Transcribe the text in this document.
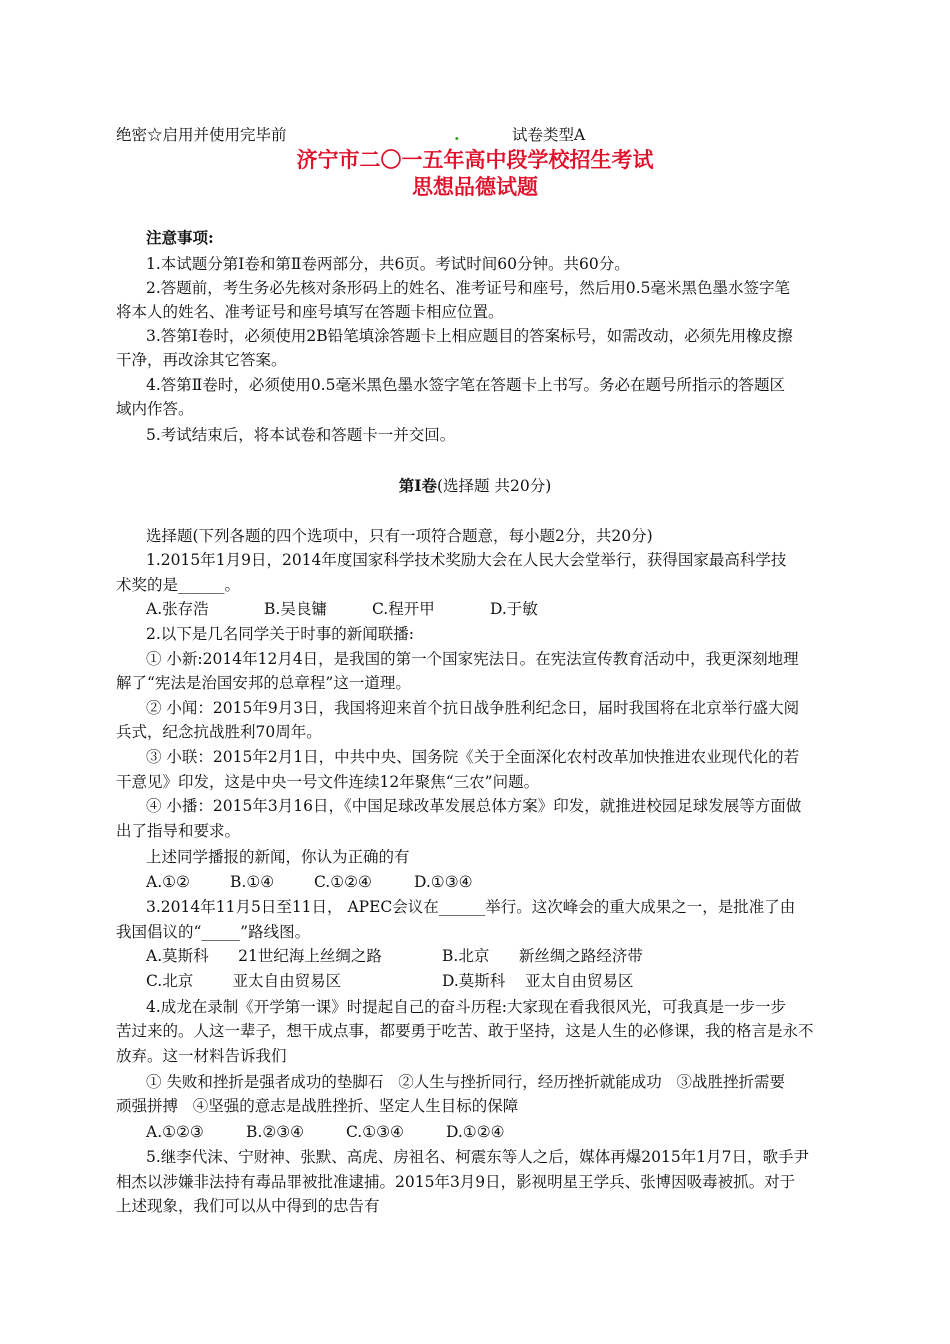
绝密☆启用并使用完毕前	.	试卷类型A
济宁市二〇一五年高中段学校招生考试
思想品德试题
注意事项:
1.本试题分第Ⅰ卷和第Ⅱ卷两部分，共6页。考试时间60分钟。共60分。
2.答题前，考生务必先核对条形码上的姓名、准考证号和座号，然后用0.5毫米黑色墨水签字笔
将本人的姓名、准考证号和座号填写在答题卡相应位置。
3.答第Ⅰ卷时，必须使用2B铅笔填涂答题卡上相应题目的答案标号，如需改动，必须先用橡皮擦
干净，再改涂其它答案。
4.答第Ⅱ卷时，必须使用0.5毫米黑色墨水签字笔在答题卡上书写。务必在题号所指示的答题区
域内作答。
5.考试结束后，将本试卷和答题卡一并交回。
第Ⅰ卷(选择题 共20分)
选择题(下列各题的四个选项中，只有一项符合题意，每小题2分，共20分)
1.2015年1月9日，2014年度国家科学技术奖励大会在人民大会堂举行，获得国家最高科学技
术奖的是______。
A.张存浩	B.吴良镛	C.程开甲	D.于敏
2.以下是几名同学关于时事的新闻联播:
① 小新:2014年12月4日，是我国的第一个国家宪法日。在宪法宣传教育活动中，我更深刻地理
解了“宪法是治国安邦的总章程”这一道理。
② 小闻：2015年9月3日，我国将迎来首个抗日战争胜利纪念日，届时我国将在北京举行盛大阅
兵式，纪念抗战胜利70周年。
③ 小联：2015年2月1日，中共中央、国务院《关于全面深化农村改革加快推进农业现代化的若
干意见》印发，这是中央一号文件连续12年聚焦“三农”问题。
④ 小播：2015年3月16日，《中国足球改革发展总体方案》印发，就推进校园足球发展等方面做
出了指导和要求。
上述同学播报的新闻，你认为正确的有
A.①②	B.①④	C.①②④	D.①③④
3.2014年11月5日至11日， APEC会议在______举行。这次峰会的重大成果之一，是批准了由
我国倡议的“_____”路线图。
A.莫斯科      21世纪海上丝绸之路	B.北京      新丝绸之路经济带
C.北京        亚太自由贸易区	D.莫斯科    亚太自由贸易区
4.成龙在录制《开学第一课》时提起自己的奋斗历程:大家现在看我很风光，可我真是一步一步
苦过来的。人这一辈子，想干成点事，都要勇于吃苦、敢于坚持，这是人生的必修课，我的格言是永不
放弃。这一材料告诉我们
① 失败和挫折是强者成功的垫脚石   ②人生与挫折同行，经历挫折就能成功   ③战胜挫折需要
顽强拼搏   ④坚强的意志是战胜挫折、坚定人生目标的保障
A.①②③	B.②③④	C.①③④	D.①②④
5.继李代沫、宁财神、张默、高虎、房祖名、柯震东等人之后，媒体再爆2015年1月7日，歌手尹
相杰以涉嫌非法持有毒品罪被批准逮捕。2015年3月9日，影视明星王学兵、张博因吸毒被抓。对于
上述现象，我们可以从中得到的忠告有
